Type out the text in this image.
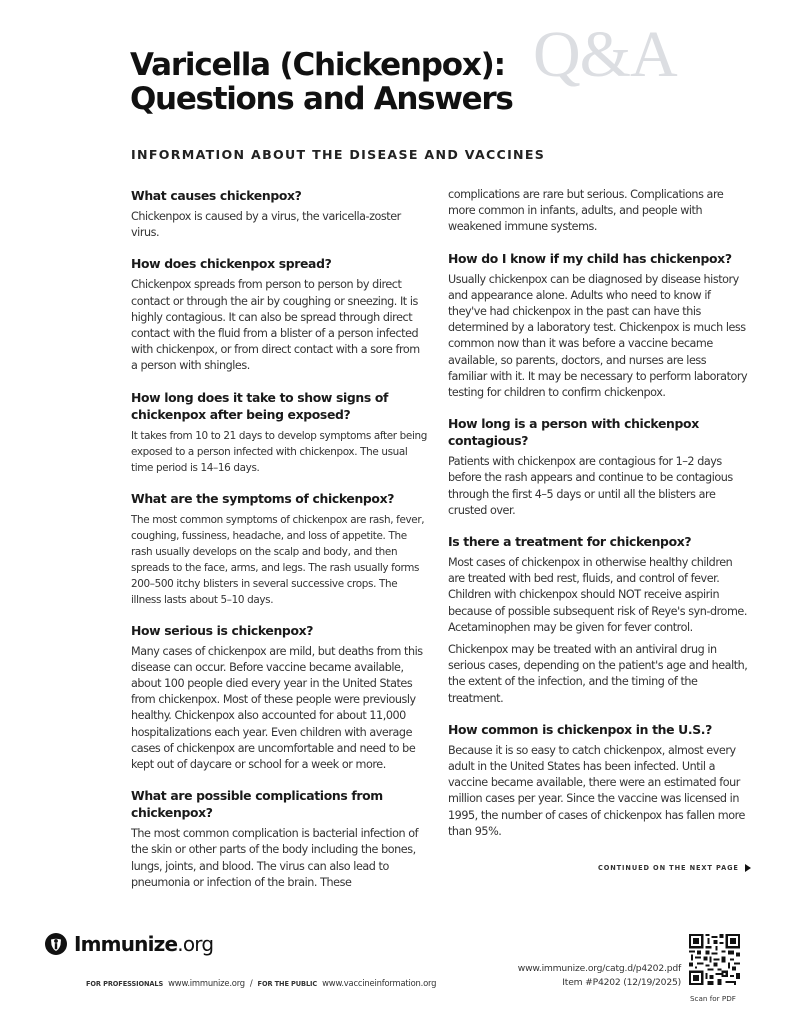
Q&A
Varicella (Chickenpox):
Questions and Answers
INFORMATION ABOUT THE DISEASE AND VACCINES
What causes chickenpox?

Chickenpox is caused by a virus, the varicella-zoster virus.

How does chickenpox spread?

Chickenpox spreads from person to person by direct contact or through the air by coughing or sneezing. It is highly contagious. It can also be spread through direct contact with the fluid from a blister of a person infected with chickenpox, or from direct contact with a sore from a person with shingles.

How long does it take to show signs of chickenpox after being exposed?

It takes from 10 to 21 days to develop symptoms after being exposed to a person infected with chickenpox. The usual time period is 14–16 days.

What are the symptoms of chickenpox?

The most common symptoms of chickenpox are rash, fever, coughing, fussiness, headache, and loss of appetite. The rash usually develops on the scalp and body, and then spreads to the face, arms, and legs. The rash usually forms 200–500 itchy blisters in several successive crops. The illness lasts about 5–10 days.

How serious is chickenpox?

Many cases of chickenpox are mild, but deaths from this disease can occur. Before vaccine became available, about 100 people died every year in the United States from chickenpox. Most of these people were previously healthy. Chickenpox also accounted for about 11,000 hospitalizations each year. Even children with average cases of chickenpox are uncomfortable and need to be kept out of daycare or school for a week or more.

What are possible complications from chickenpox?

The most common complication is bacterial infection of the skin or other parts of the body including the bones, lungs, joints, and blood. The virus can also lead to pneumonia or infection of the brain. These

complications are rare but serious. Complications are more common in infants, adults, and people with weakened immune systems.

How do I know if my child has chickenpox?

Usually chickenpox can be diagnosed by disease history and appearance alone. Adults who need to know if they've had chickenpox in the past can have this determined by a laboratory test. Chickenpox is much less common now than it was before a vaccine became available, so parents, doctors, and nurses are less familiar with it. It may be necessary to perform laboratory testing for children to confirm chickenpox.

How long is a person with chickenpox contagious?

Patients with chickenpox are contagious for 1–2 days before the rash appears and continue to be contagious through the first 4–5 days or until all the blisters are crusted over.

Is there a treatment for chickenpox?

Most cases of chickenpox in otherwise healthy children are treated with bed rest, fluids, and control of fever. Children with chickenpox should NOT receive aspirin because of possible subsequent risk of Reye's syn-drome. Acetaminophen may be given for fever control.

Chickenpox may be treated with an antiviral drug in serious cases, depending on the patient's age and health, the extent of the infection, and the timing of the treatment.

How common is chickenpox in the U.S.?

Because it is so easy to catch chickenpox, almost every adult in the United States has been infected. Until a vaccine became available, there were an estimated four million cases per year. Since the vaccine was licensed in 1995, the number of cases of chickenpox has fallen more than 95%.

CONTINUED ON THE NEXT PAGE
Immunize.org
FOR PROFESSIONALS www.immunize.org / FOR THE PUBLIC www.vaccineinformation.org
www.immunize.org/catg.d/p4202.pdf
Item #P4202 (12/19/2025)
Scan for PDF
